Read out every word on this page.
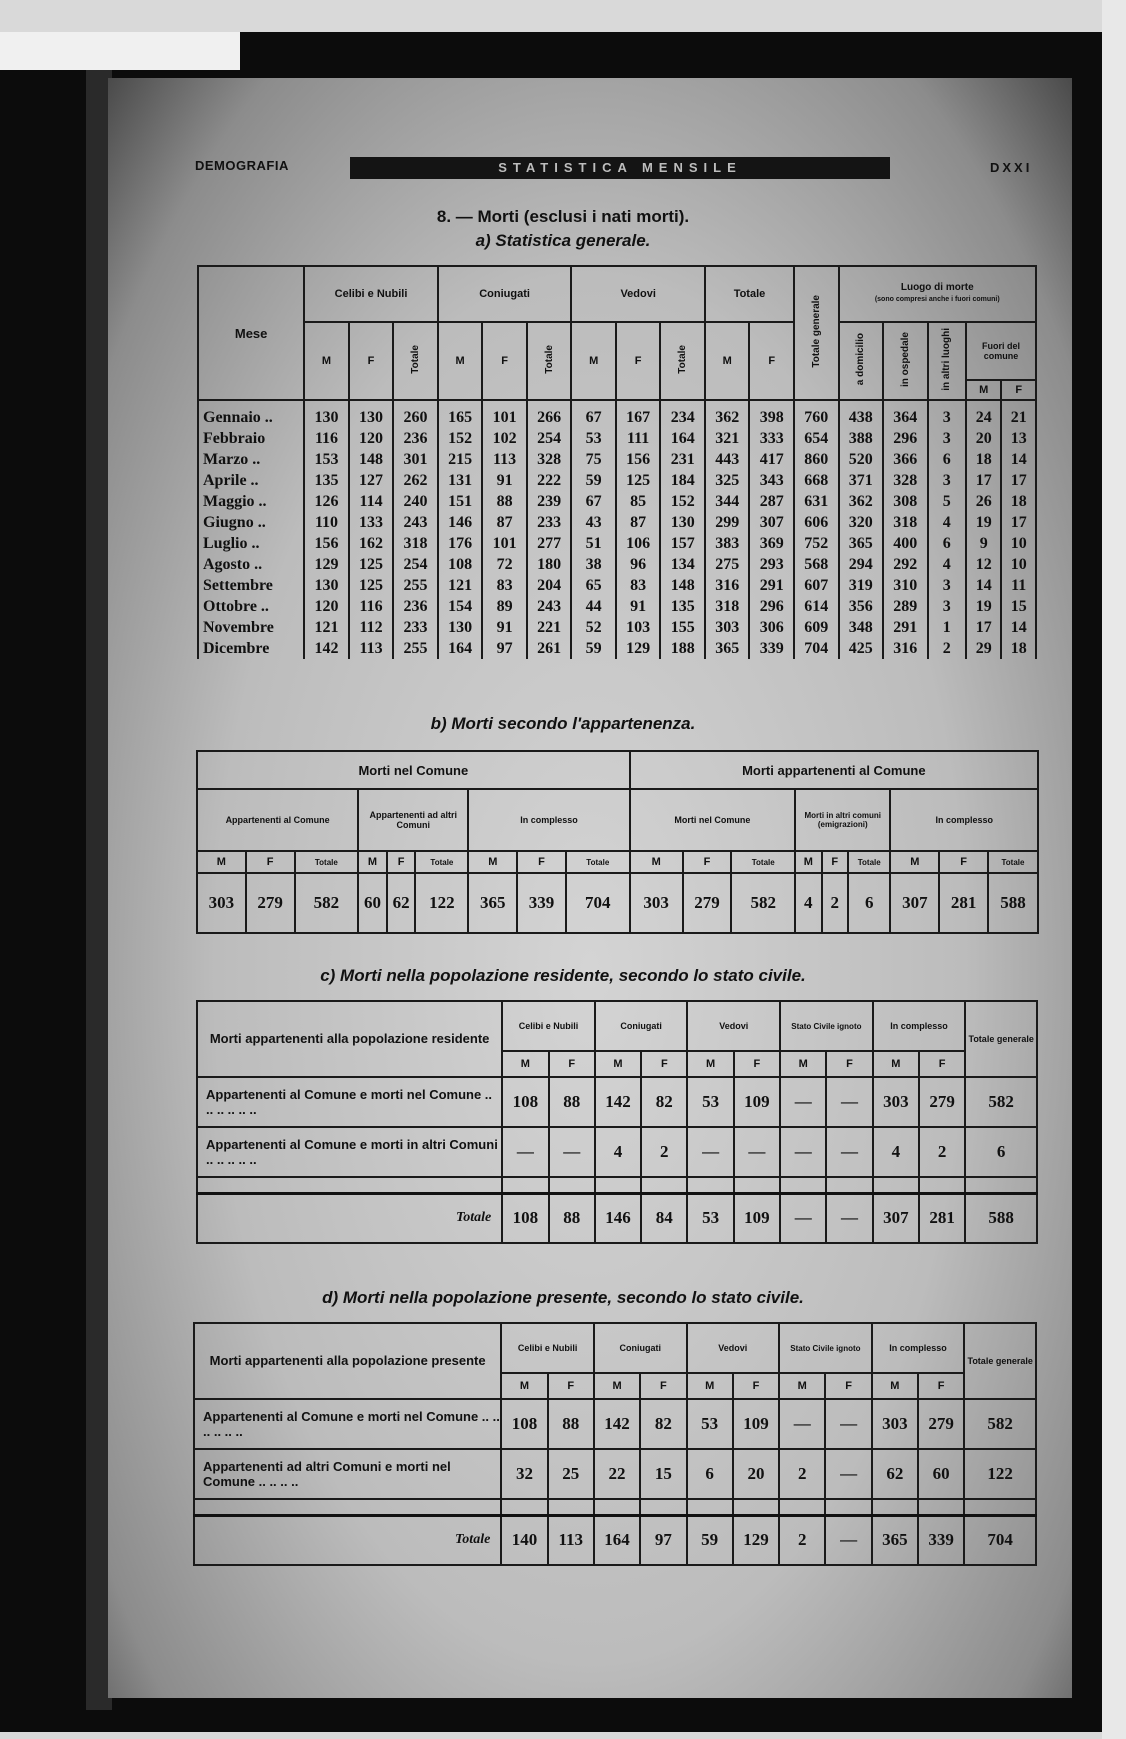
DEMOGRAFIA	STATISTICA MENSILE	DXXI
8. — Morti (esclusi i nati morti).
a) Statistica generale.
Mese	Celibi e Nubili			Coniugati			Vedovi			Totale		Totale generale	Luogo di morte
(sono compresi anche i fuori comuni)				

	M	F	Totale	M	F	Totale	M	F	Totale	M	F		a domicilio	in ospedale	in altri luoghi	Fuori del comune	
																M	F
Gennaio ..	130	130	260	165	101	266	67	167	234	362	398	760	438	364	3	24	21
Febbraio	116	120	236	152	102	254	53	111	164	321	333	654	388	296	3	20	13
Marzo ..	153	148	301	215	113	328	75	156	231	443	417	860	520	366	6	18	14
Aprile ..	135	127	262	131	91	222	59	125	184	325	343	668	371	328	3	17	17
Maggio ..	126	114	240	151	88	239	67	85	152	344	287	631	362	308	5	26	18
Giugno ..	110	133	243	146	87	233	43	87	130	299	307	606	320	318	4	19	17
Luglio ..	156	162	318	176	101	277	51	106	157	383	369	752	365	400	6	9	10
Agosto ..	129	125	254	108	72	180	38	96	134	275	293	568	294	292	4	12	10
Settembre	130	125	255	121	83	204	65	83	148	316	291	607	319	310	3	14	11
Ottobre ..	120	116	236	154	89	243	44	91	135	318	296	614	356	289	3	19	15
Novembre	121	112	233	130	91	221	52	103	155	303	306	609	348	291	1	17	14
Dicembre	142	113	255	164	97	261	59	129	188	365	339	704	425	316	2	29	18
b) Morti secondo l'appartenenza.
Morti nel Comune									Morti appartenenti al Comune								
Appartenenti al Comune			Appartenenti ad altri Comuni			In complesso			Morti nel Comune			Morti in altri comuni (emigrazioni)			In complesso		
M	F	Totale	M	F	Totale	M	F	Totale	M	F	Totale	M	F	Totale	M	F	Totale
303	279	582	60	62	122	365	339	704	303	279	582	4	2	6	307	281	588
c) Morti nella popolazione residente, secondo lo stato civile.
Morti appartenenti alla popolazione residente	Celibi e Nubili		Coniugati		Vedovi		Stato Civile ignoto		In complesso		Totale generale
	M	F	M	F	M	F	M	F	M	F	
Appartenenti al Comune e morti nel Comune .. .. .. .. .. ..	108	88	142	82	53	109	—	—	303	279	582
Appartenenti al Comune e morti in altri Comuni .. .. .. .. ..	—	—	4	2	—	—	—	—	4	2	6

Totale	108	88	146	84	53	109	—	—	307	281	588
d) Morti nella popolazione presente, secondo lo stato civile.
Morti appartenenti alla popolazione presente	Celibi e Nubili		Coniugati		Vedovi		Stato Civile ignoto		In complesso		Totale generale
	M	F	M	F	M	F	M	F	M	F	
Appartenenti al Comune e morti nel Comune .. .. .. .. .. ..	108	88	142	82	53	109	—	—	303	279	582
Appartenenti ad altri Comuni e morti nel Comune .. .. .. ..	32	25	22	15	6	20	2	—	62	60	122

Totale	140	113	164	97	59	129	2	—	365	339	704
